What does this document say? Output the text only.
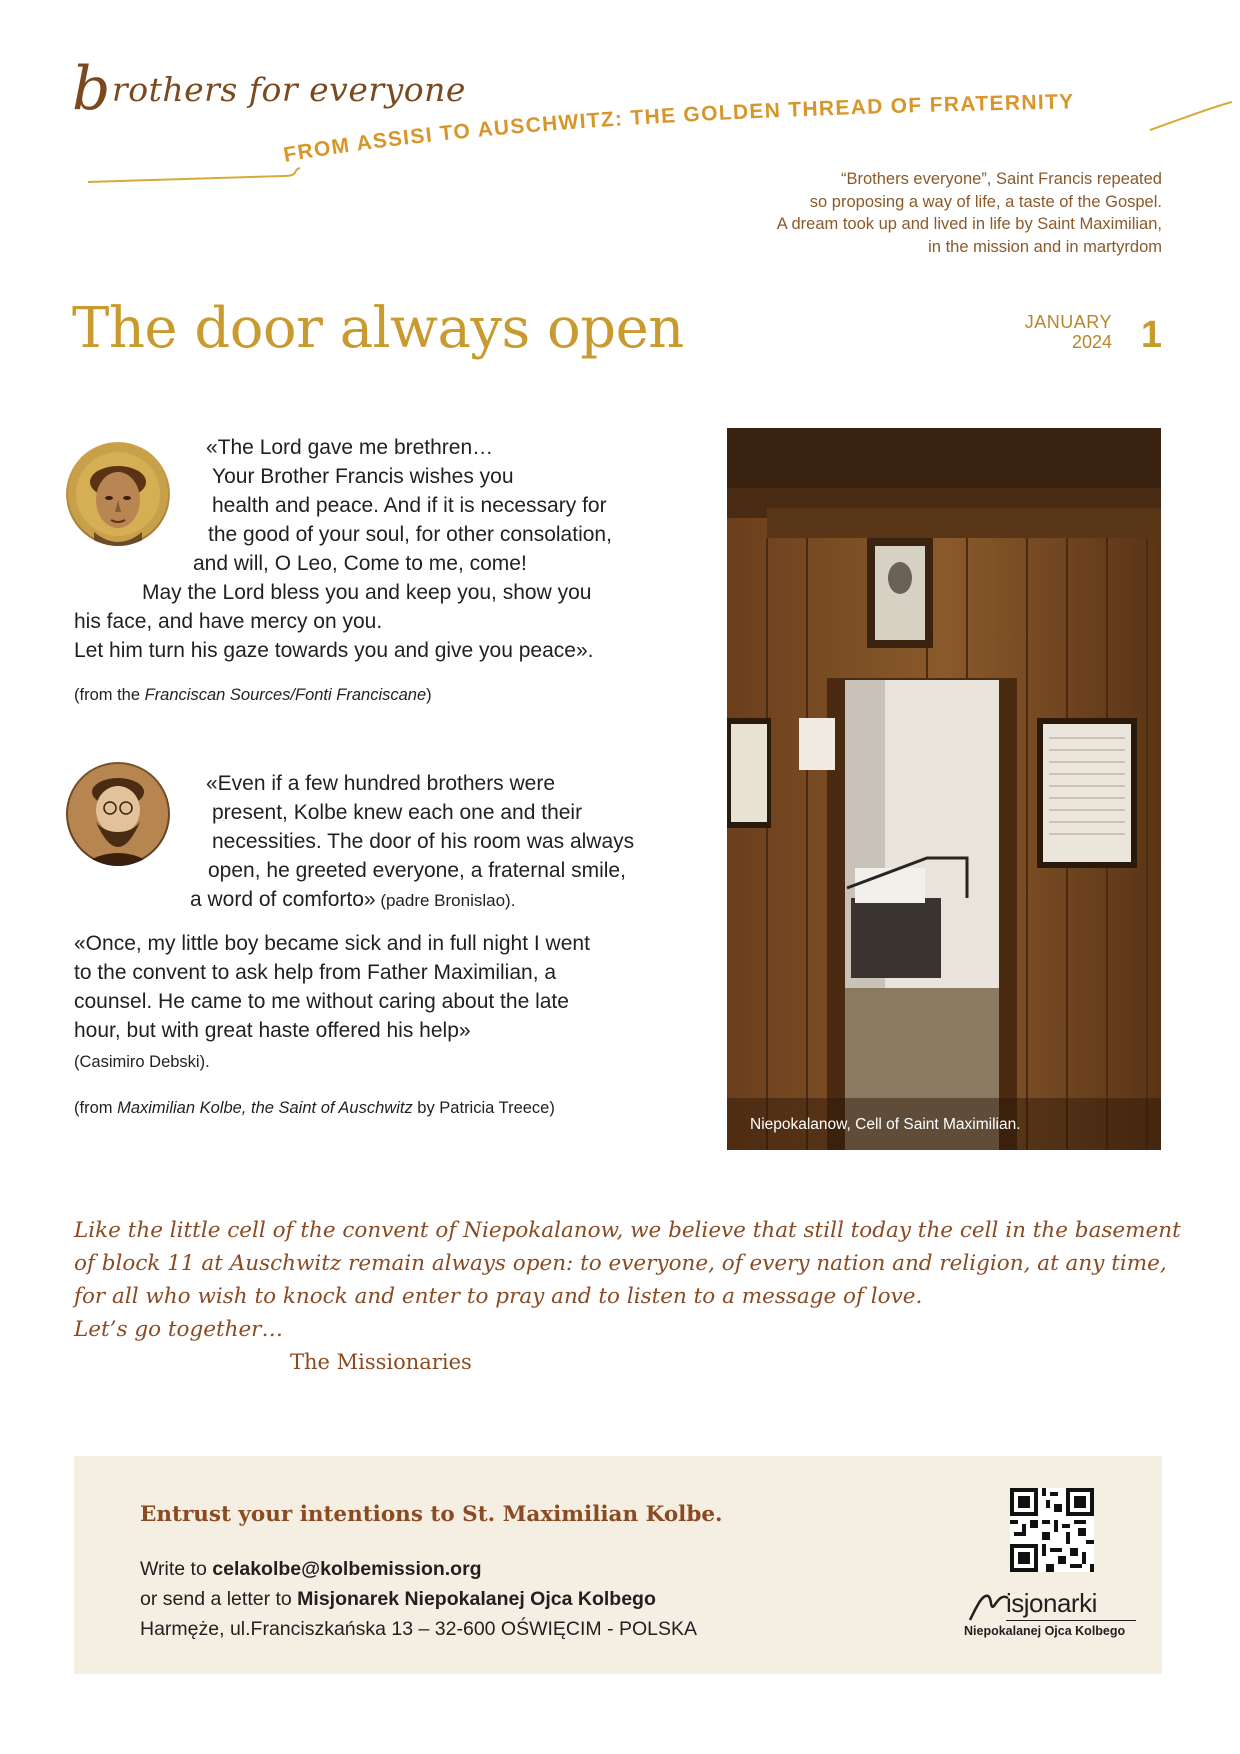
brothers for everyone
FROM ASSISI TO AUSCHWITZ: THE GOLDEN THREAD OF FRATERNITY
“Brothers everyone”, Saint Francis repeated
so proposing a way of life, a taste of the Gospel.
A dream took up and lived in life by Saint Maximilian,
in the mission and in martyrdom
The door always open	JANUARY
2024 1
«The Lord gave me brethren…
Your Brother Francis wishes you
health and peace. And if it is necessary for
the good of your soul, for other consolation,
and will, O Leo, Come to me, come!
May the Lord bless you and keep you, show you
his face, and have mercy on you.
Let him turn his gaze towards you and give you peace».
(from the Franciscan Sources/Fonti Franciscane)
«Even if a few hundred brothers were
present, Kolbe knew each one and their
necessities. The door of his room was always
open, he greeted everyone, a fraternal smile,
a word of comforto» (padre Bronislao).
«Once, my little boy became sick and in full night I went
to the convent to ask help from Father Maximilian, a
counsel. He came to me without caring about the late
hour, but with great haste offered his help»
(Casimiro Debski).
(from Maximilian Kolbe, the Saint of Auschwitz by Patricia Treece)
Niepokalanow, Cell of Saint Maximilian.
Like the little cell of the convent of Niepokalanow, we believe that still today the cell in the basement
of block 11 at Auschwitz remain always open: to everyone, of every nation and religion, at any time,
for all who wish to knock and enter to pray and to listen to a message of love.
Let’s go together…
The Missionaries
Entrust your intentions to St. Maximilian Kolbe.
Write to celakolbe@kolbemission.org
or send a letter to Misjonarek Niepokalanej Ojca Kolbego
Harmęże, ul.Franciszkańska 13 – 32-600 OŚWIĘCIM - POLSKA
isjonarki
Niepokalanej Ojca Kolbego
